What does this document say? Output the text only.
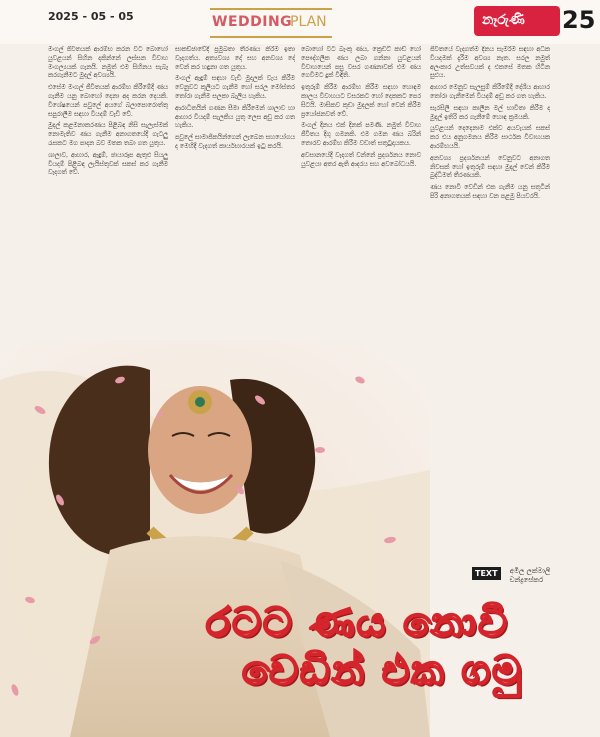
2025 - 05 - 05	WEDDING
PLAN	නෑරුණි 25

මංගල් ජීවිතයක් ආරම්භ කරන විට බොහෝ යුවළයන් සිහින දකින්නේ ලස්සන විවාහ මංගල්‍යයක් ගැනයි. නමුත් එම සිහිනය සැබෑ කරගැනීමට මුදල් අවශ්‍යයි.

එසේම මංගල් ජීවිතයක් ආරම්භ කිරීමේදී ණය ගැනීම යනු බොහෝ දෙනා අද කරන දෙයකි. විශේෂයෙන් පවුලේ අයගේ බලාපොරොත්තු සපුරාලීම සඳහා වියදම් වැඩි වේ.

මුදල් කළමනාකරණය පිළිබඳ නිසි සැලැස්මක් නොමැතිව ණය ගැනීම අනාගතයේදී ගැටලු රැසකට මග පාදන බව මතක තබා ගත යුතුය.

ශාලාව, ආහාර, ඇඳුම්, ඡායාරූප ඇතුළු සියලු වියදම් පිළිබඳ ලැයිස්තුවක් සකස් කර ගැනීම වැදගත් වේ.

සාකච්ඡාවේදී ප්‍රමුඛතා තීරණය කිරීම ඉතා වැදගත්ය. අත්‍යවශ්‍ය දේ සහ අනවශ්‍ය දේ වෙන් කර හඳුනා ගත යුතුය.

මංගල් ඇඳුම් සඳහා වැඩි මුදලක් වැය කිරීම වෙනුවට කුලියට ගැනීම හෝ සරල මෝස්තර තෝරා ගැනීම සලකා බැලිය හැකිය.

ආරාධිතයින් ගණන සීමා කිරීමෙන් ශාලාව හා ආහාර වියදම් සැලකිය යුතු ලෙස අඩු කර ගත හැකිය.

පවුලේ සාමාජිකයින්ගෙන් ලැබෙන සහයෝගය ද මෙහිදී වැදගත් කාර්යභාරයක් ඉටු කරයි.

බොහෝ විට බැංකු ණය, ක්‍රෙඩිට් කාඩ් හෝ පෞද්ගලික ණය ලබා ගන්නා යුවළයන් විවාහයෙන් පසු වසර ගණනාවක් එම ණය ගෙවීමට දුක් විඳිති.

ඉතුරුම් කිරීම ආරම්භ කිරීම සඳහා හොඳම කාලය විවාහයට වසරකට හෝ දෙකකට පෙර සිටයි. මාසිකව කුඩා මුදලක් හෝ වෙන් කිරීම ප්‍රයෝජනවත් වේ.

මංගල් දිනය එක් දිනක් පමණි. නමුත් විවාහ ජීවිතය දිගු ගමනකි. එම ගමන ණය බරින් තොරව ආරම්භ කිරීම වඩාත් සතුටුදායකය.

අවසානයේදී වැදගත් වන්නේ ප්‍රදර්ශනය නොව යුවළයා අතර ඇති ආදරය සහ අවබෝධයයි.

ජීවිතයේ වැදගත්ම දිනය සැමරීම සඳහා අධික වියදමක් දැරීම අවශ්‍ය නැත. සරල නමුත් අලංකාර උත්සවයක් ද එකසේ මතක හිටින සුළුය.

ආහාර මෙනුව සැලසුම් කිරීමේදී දේශීය ආහාර තෝරා ගැනීමෙන් වියදම් අඩු කර ගත හැකිය.

සැරසිලි සඳහා කාලීන මල් භාවිතා කිරීම ද මුදල් ඉතිරි කර ගැනීමේ හොඳ ක්‍රමයකි.

යුවළයන් දෙදෙනාම එක්ව අයවැයක් සකස් කර එය අනුගමනය කිරීම සාර්ථක විවාහයක ආරම්භයයි.

අනවශ්‍ය ප්‍රදර්ශනයන් වෙනුවට අනාගත නිවසක් හෝ ඉතුරුම් සඳහා මුදල් වෙන් කිරීම බුද්ධිමත් තීරණයකි.

ණය නොවී වෙඩින් එක ගැනීම යනු සතුටින් පිරි අනාගතයක් සඳහා වන පළමු පියවරයි.

TEXT අමිල ලක්මාලි
චන්ද්‍රසේකර
රටට ණය නොවී
වෙඩින් එක ගමු
